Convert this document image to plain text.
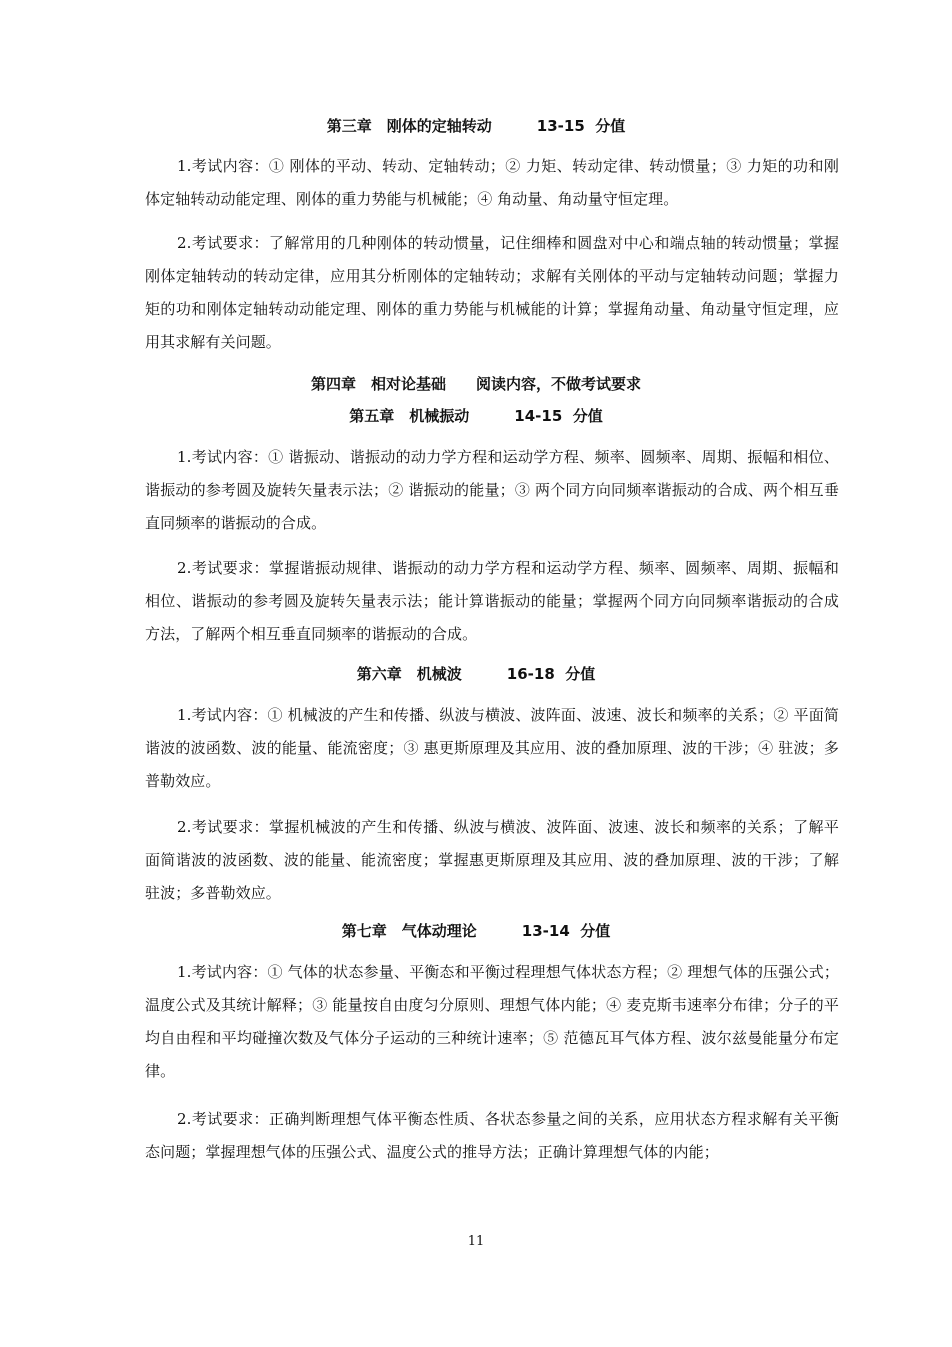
第三章　刚体的定轴转动　　　13-15  分值

1.考试内容：① 刚体的平动、转动、定轴转动；② 力矩、转动定律、转动惯量；③ 力矩的功和刚体定轴转动动能定理、刚体的重力势能与机械能；④ 角动量、角动量守恒定理。

2.考试要求：了解常用的几种刚体的转动惯量，记住细棒和圆盘对中心和端点轴的转动惯量；掌握刚体定轴转动的转动定律，应用其分析刚体的定轴转动；求解有关刚体的平动与定轴转动问题；掌握力矩的功和刚体定轴转动动能定理、刚体的重力势能与机械能的计算；掌握角动量、角动量守恒定理，应用其求解有关问题。

第四章　相对论基础　　阅读内容，不做考试要求
第五章　机械振动　　　14-15  分值

1.考试内容：① 谐振动、谐振动的动力学方程和运动学方程、频率、圆频率、周期、振幅和相位、谐振动的参考圆及旋转矢量表示法；② 谐振动的能量；③ 两个同方向同频率谐振动的合成、两个相互垂直同频率的谐振动的合成。

2.考试要求：掌握谐振动规律、谐振动的动力学方程和运动学方程、频率、圆频率、周期、振幅和相位、谐振动的参考圆及旋转矢量表示法；能计算谐振动的能量；掌握两个同方向同频率谐振动的合成方法，了解两个相互垂直同频率的谐振动的合成。

第六章　机械波　　　16-18  分值

1.考试内容：① 机械波的产生和传播、纵波与横波、波阵面、波速、波长和频率的关系；② 平面简谐波的波函数、波的能量、能流密度；③ 惠更斯原理及其应用、波的叠加原理、波的干涉；④ 驻波；多普勒效应。

2.考试要求：掌握机械波的产生和传播、纵波与横波、波阵面、波速、波长和频率的关系；了解平面简谐波的波函数、波的能量、能流密度；掌握惠更斯原理及其应用、波的叠加原理、波的干涉；了解驻波；多普勒效应。

第七章　气体动理论　　　13-14  分值

1.考试内容：① 气体的状态参量、平衡态和平衡过程理想气体状态方程；② 理想气体的压强公式；温度公式及其统计解释；③ 能量按自由度匀分原则、理想气体内能；④ 麦克斯韦速率分布律；分子的平均自由程和平均碰撞次数及气体分子运动的三种统计速率；⑤ 范德瓦耳气体方程、波尔兹曼能量分布定律。

2.考试要求：正确判断理想气体平衡态性质、各状态参量之间的关系，应用状态方程求解有关平衡态问题；掌握理想气体的压强公式、温度公式的推导方法；正确计算理想气体的内能；

11
